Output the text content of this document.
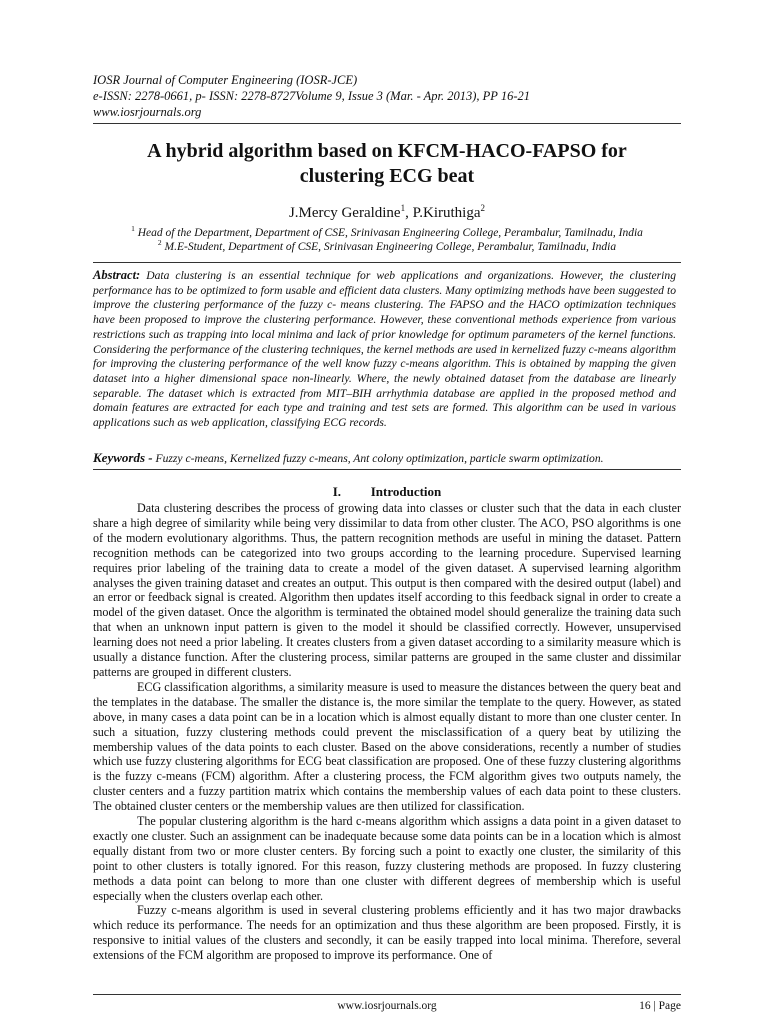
IOSR Journal of Computer Engineering (IOSR-JCE)
e-ISSN: 2278-0661, p- ISSN: 2278-8727Volume 9, Issue 3 (Mar. - Apr. 2013), PP 16-21
www.iosrjournals.org
A hybrid algorithm based on KFCM-HACO-FAPSO for
clustering ECG beat
J.Mercy Geraldine$^1$, P.Kiruthiga$^2$
$^1$ Head of the Department, Department of CSE, Srinivasan Engineering College, Perambalur, Tamilnadu, India
$^2$ M.E-Student, Department of CSE, Srinivasan Engineering College, Perambalur, Tamilnadu, India
Abstract: Data clustering is an essential technique for web applications and organizations. However, the clustering performance has to be optimized to form usable and efficient data clusters. Many optimizing methods have been suggested to improve the clustering performance of the fuzzy c- means clustering. The FAPSO and the HACO optimization techniques have been proposed to improve the clustering performance. However, these conventional methods experience from various restrictions such as trapping into local minima and lack of prior knowledge for optimum parameters of the kernel functions. Considering the performance of the clustering techniques, the kernel methods are used in kernelized fuzzy c-means algorithm for improving the clustering performance of the well know fuzzy c-means algorithm. This is obtained by mapping the given dataset into a higher dimensional space non-linearly. Where, the newly obtained dataset from the database are linearly separable. The dataset which is extracted from MIT–BIH arrhythmia database are applied in the proposed method and domain features are extracted for each type and training and test sets are formed. This algorithm can be used in various applications such as web application, classifying ECG records.
Keywords - Fuzzy c-means, Kernelized fuzzy c-means, Ant colony optimization, particle swarm optimization.
I. Introduction

Data clustering describes the process of growing data into classes or cluster such that the data in each cluster share a high degree of similarity while being very dissimilar to data from other cluster. The ACO, PSO algorithms is one of the modern evolutionary algorithms. Thus, the pattern recognition methods are useful in mining the dataset. Pattern recognition methods can be categorized into two groups according to the learning procedure. Supervised learning requires prior labeling of the training data to create a model of the given dataset. A supervised learning algorithm analyses the given training dataset and creates an output. This output is then compared with the desired output (label) and an error or feedback signal is created. Algorithm then updates itself according to this feedback signal in order to create a model of the given dataset. Once the algorithm is terminated the obtained model should generalize the training data such that when an unknown input pattern is given to the model it should be classified correctly. However, unsupervised learning does not need a prior labeling. It creates clusters from a given dataset according to a similarity measure which is usually a distance function. After the clustering process, similar patterns are grouped in the same cluster and dissimilar patterns are grouped in different clusters.

ECG classification algorithms, a similarity measure is used to measure the distances between the query beat and the templates in the database. The smaller the distance is, the more similar the template to the query. However, as stated above, in many cases a data point can be in a location which is almost equally distant to more than one cluster center. In such a situation, fuzzy clustering methods could prevent the misclassification of a query beat by utilizing the membership values of the data points to each cluster. Based on the above considerations, recently a number of studies which use fuzzy clustering algorithms for ECG beat classification are proposed. One of these fuzzy clustering algorithms is the fuzzy c-means (FCM) algorithm. After a clustering process, the FCM algorithm gives two outputs namely, the cluster centers and a fuzzy partition matrix which contains the membership values of each data point to these clusters. The obtained cluster centers or the membership values are then utilized for classification.

The popular clustering algorithm is the hard c-means algorithm which assigns a data point in a given dataset to exactly one cluster. Such an assignment can be inadequate because some data points can be in a location which is almost equally distant from two or more cluster centers. By forcing such a point to exactly one cluster, the similarity of this point to other clusters is totally ignored. For this reason, fuzzy clustering methods are proposed. In fuzzy clustering methods a data point can belong to more than one cluster with different degrees of membership which is useful especially when the clusters overlap each other.

Fuzzy c-means algorithm is used in several clustering problems efficiently and it has two major drawbacks which reduce its performance. The needs for an optimization and thus these algorithm are been proposed. Firstly, it is responsive to initial values of the clusters and secondly, it can be easily trapped into local minima. Therefore, several extensions of the FCM algorithm are proposed to improve its performance. One of

www.iosrjournals.org	16 | Page
